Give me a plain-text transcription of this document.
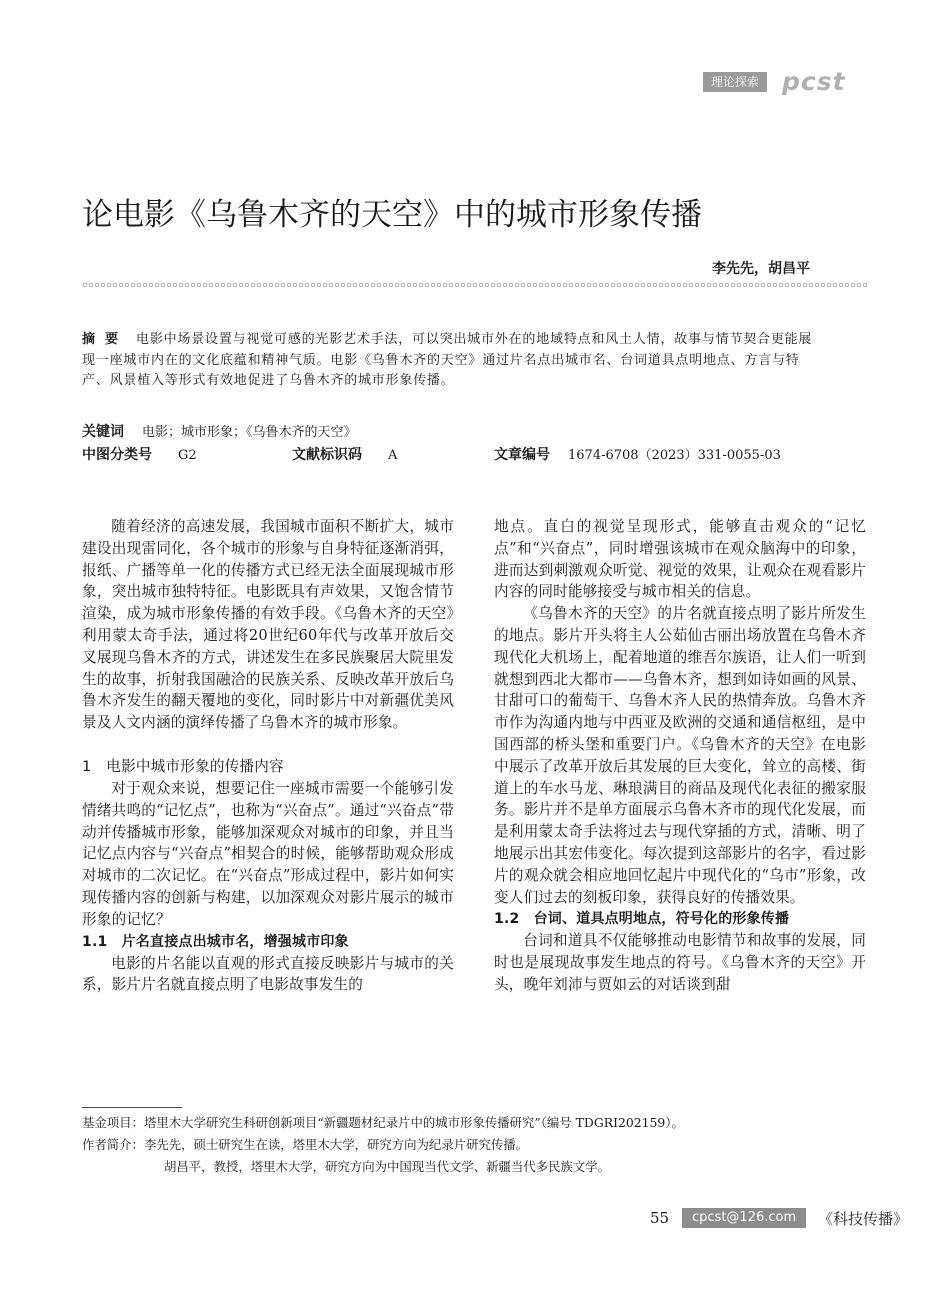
理论探索 pcst
论电影《乌鲁木齐的天空》中的城市形象传播
李先先，胡昌平
摘要 电影中场景设置与视觉可感的光影艺术手法，可以突出城市外在的地域特点和风土人情，故事与情节契合更能展现一座城市内在的文化底蕴和精神气质。电影《乌鲁木齐的天空》通过片名点出城市名、台词道具点明地点、方言与特产、风景植入等形式有效地促进了乌鲁木齐的城市形象传播。
关键词 电影；城市形象；《乌鲁木齐的天空》
中图分类号 G2	文献标识码 A	文章编号 1674-6708（2023）331-0055-03

随着经济的高速发展，我国城市面积不断扩大，城市建设出现雷同化，各个城市的形象与自身特征逐渐消弭，报纸、广播等单一化的传播方式已经无法全面展现城市形象，突出城市独特特征。电影既具有声效果，又饱含情节渲染，成为城市形象传播的有效手段。《乌鲁木齐的天空》利用蒙太奇手法，通过将20世纪60年代与改革开放后交叉展现乌鲁木齐的方式，讲述发生在多民族聚居大院里发生的故事，折射我国融洽的民族关系、反映改革开放后乌鲁木齐发生的翻天覆地的变化，同时影片中对新疆优美风景及人文内涵的演绎传播了乌鲁木齐的城市形象。

1　电影中城市形象的传播内容

对于观众来说，想要记住一座城市需要一个能够引发情绪共鸣的“记忆点”，也称为“兴奋点”。通过“兴奋点”带动并传播城市形象，能够加深观众对城市的印象，并且当记忆点内容与“兴奋点”相契合的时候，能够帮助观众形成对城市的二次记忆。在“兴奋点”形成过程中，影片如何实现传播内容的创新与构建，以加深观众对影片展示的城市形象的记忆？

1.1　片名直接点出城市名，增强城市印象

电影的片名能以直观的形式直接反映影片与城市的关系，影片片名就直接点明了电影故事发生的

地点。直白的视觉呈现形式，能够直击观众的“记忆点”和“兴奋点”，同时增强该城市在观众脑海中的印象，进而达到刺激观众听觉、视觉的效果，让观众在观看影片内容的同时能够接受与城市相关的信息。

《乌鲁木齐的天空》的片名就直接点明了影片所发生的地点。影片开头将主人公茹仙古丽出场放置在乌鲁木齐现代化大机场上，配着地道的维吾尔族语，让人们一听到就想到西北大都市——乌鲁木齐，想到如诗如画的风景、甘甜可口的葡萄干、乌鲁木齐人民的热情奔放。乌鲁木齐市作为沟通内地与中西亚及欧洲的交通和通信枢纽，是中国西部的桥头堡和重要门户。《乌鲁木齐的天空》在电影中展示了改革开放后其发展的巨大变化，耸立的高楼、街道上的车水马龙、琳琅满目的商品及现代化表征的搬家服务。影片并不是单方面展示乌鲁木齐市的现代化发展，而是利用蒙太奇手法将过去与现代穿插的方式，清晰、明了地展示出其宏伟变化。每次提到这部影片的名字，看过影片的观众就会相应地回忆起片中现代化的“乌市”形象，改变人们过去的刻板印象，获得良好的传播效果。

1.2　台词、道具点明地点，符号化的形象传播

台词和道具不仅能够推动电影情节和故事的发展，同时也是展现故事发生地点的符号。《乌鲁木齐的天空》开头，晚年刘沛与贾如云的对话谈到甜

基金项目：塔里木大学研究生科研创新项目“新疆题材纪录片中的城市形象传播研究”（编号 TDGRI202159）。
作者简介：李先先，硕士研究生在读，塔里木大学，研究方向为纪录片研究传播。
胡昌平，教授，塔里木大学，研究方向为中国现当代文学、新疆当代多民族文学。
55	cpcst@126.com	《科技传播》
